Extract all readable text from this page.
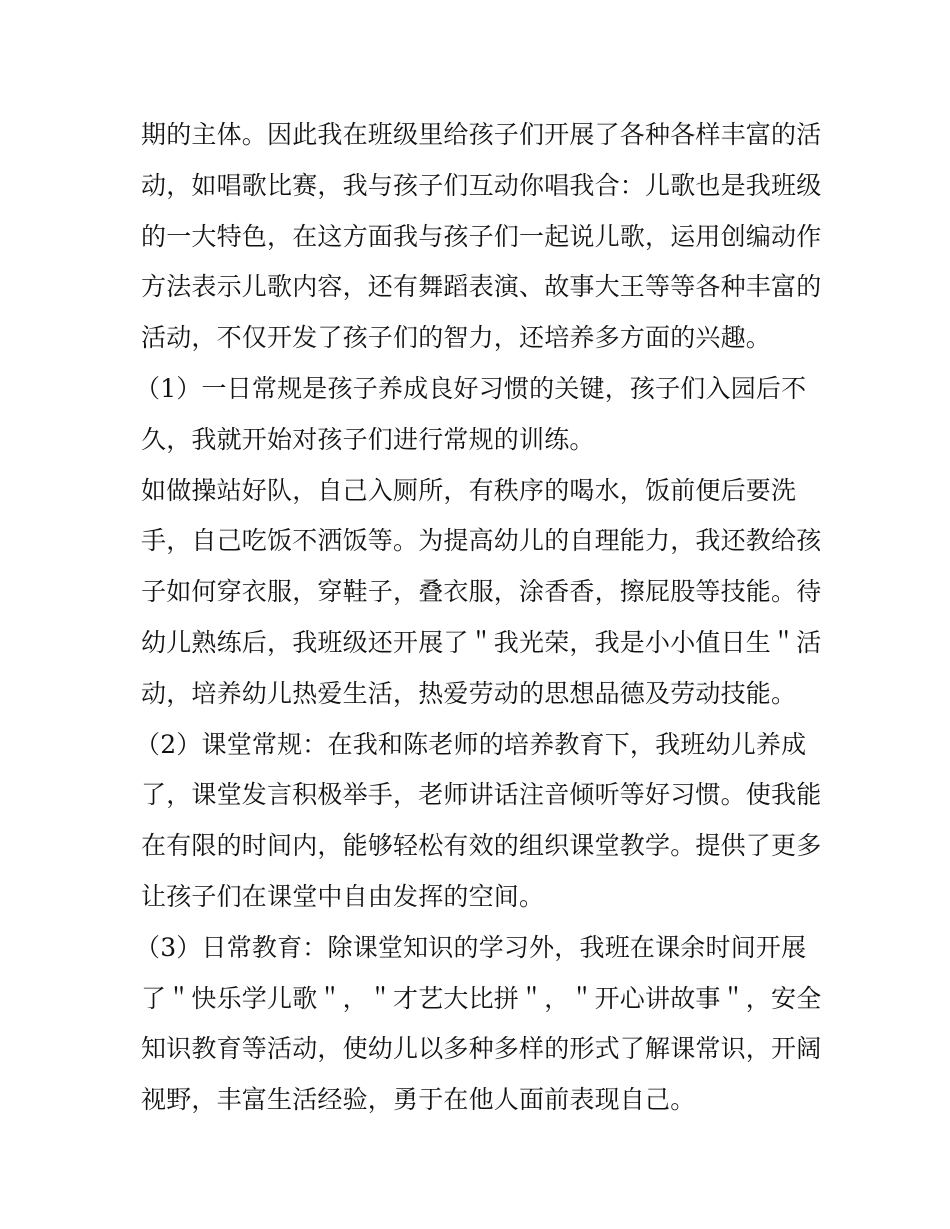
期的主体。因此我在班级里给孩子们开展了各种各样丰富的活
动，如唱歌比赛，我与孩子们互动你唱我合：儿歌也是我班级
的一大特色，在这方面我与孩子们一起说儿歌，运用创编动作
方法表示儿歌内容，还有舞蹈表演、故事大王等等各种丰富的
活动，不仅开发了孩子们的智力，还培养多方面的兴趣。
（1）一日常规是孩子养成良好习惯的关键，孩子们入园后不
久，我就开始对孩子们进行常规的训练。
如做操站好队，自己入厕所，有秩序的喝水，饭前便后要洗
手，自己吃饭不洒饭等。为提高幼儿的自理能力，我还教给孩
子如何穿衣服，穿鞋子，叠衣服，涂香香，擦屁股等技能。待
幼儿熟练后，我班级还开展了＂我光荣，我是小小值日生＂活
动，培养幼儿热爱生活，热爱劳动的思想品德及劳动技能。
（2）课堂常规：在我和陈老师的培养教育下，我班幼儿养成
了，课堂发言积极举手，老师讲话注音倾听等好习惯。使我能
在有限的时间内，能够轻松有效的组织课堂教学。提供了更多
让孩子们在课堂中自由发挥的空间。
（3）日常教育：除课堂知识的学习外，我班在课余时间开展
了＂快乐学儿歌＂，＂才艺大比拼＂，＂开心讲故事＂，安全
知识教育等活动，使幼儿以多种多样的形式了解课常识，开阔
视野，丰富生活经验，勇于在他人面前表现自己。
